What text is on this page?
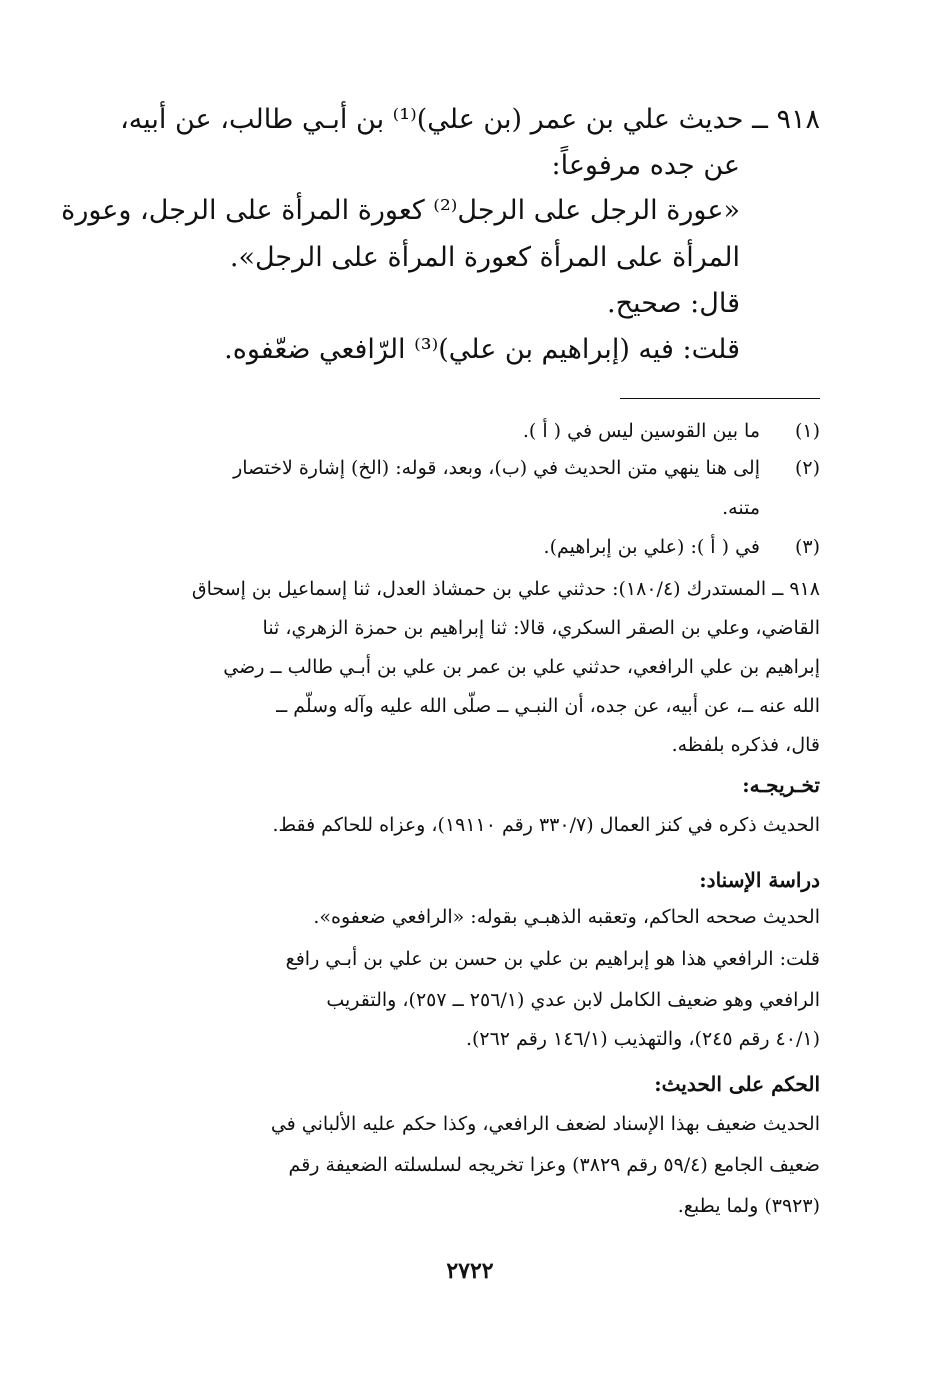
٩١٨ ــ حديث علي بن عمر (بن علي)⁽¹⁾ بن أبـي طالب، عن أبيه،
عن جده مرفوعاً:
«عورة الرجل على الرجل⁽²⁾ كعورة المرأة على الرجل، وعورة
المرأة على المرأة كعورة المرأة على الرجل».
قال: صحيح.
قلت: فيه (إبراهيم بن علي)⁽³⁾ الرّافعي ضعّفوه.
(١)
ما بين القوسين ليس في ( أ ).
(٢)
إلى هنا ينهي متن الحديث في (ب)، وبعد، قوله: (الخ) إشارة لاختصار
متنه.
(٣)
في ( أ ): (علي بن إبراهيم).
٩١٨ ــ المستدرك (١٨٠/٤): حدثني علي بن حمشاذ العدل، ثنا إسماعيل بن إسحاق
القاضي، وعلي بن الصقر السكري، قالا: ثنا إبراهيم بن حمزة الزهري، ثنا
إبراهيم بن علي الرافعي، حدثني علي بن عمر بن علي بن أبـي طالب ــ رضي
الله عنه ــ، عن أبيه، عن جده، أن النبـي ــ صلّى الله عليه وآله وسلّم ــ
قال، فذكره بلفظه.
تخـريجـه:
الحديث ذكره في كنز العمال (٣٣٠/٧ رقم ١٩١١٠)، وعزاه للحاكم فقط.
دراسة الإسناد:
الحديث صححه الحاكم، وتعقبه الذهبـي بقوله: «الرافعي ضعفوه».
قلت: الرافعي هذا هو إبراهيم بن علي بن حسن بن علي بن أبـي رافع
الرافعي وهو ضعيف الكامل لابن عدي (٢٥٦/١ ــ ٢٥٧)، والتقريب
(٤٠/١ رقم ٢٤٥)، والتهذيب (١٤٦/١ رقم ٢٦٢).
الحكم على الحديث:
الحديث ضعيف بهذا الإسناد لضعف الرافعي، وكذا حكم عليه الألباني في
ضعيف الجامع (٥٩/٤ رقم ٣٨٢٩) وعزا تخريجه لسلسلته الضعيفة رقم
(٣٩٢٣) ولما يطبع.
٢٧٢٢
